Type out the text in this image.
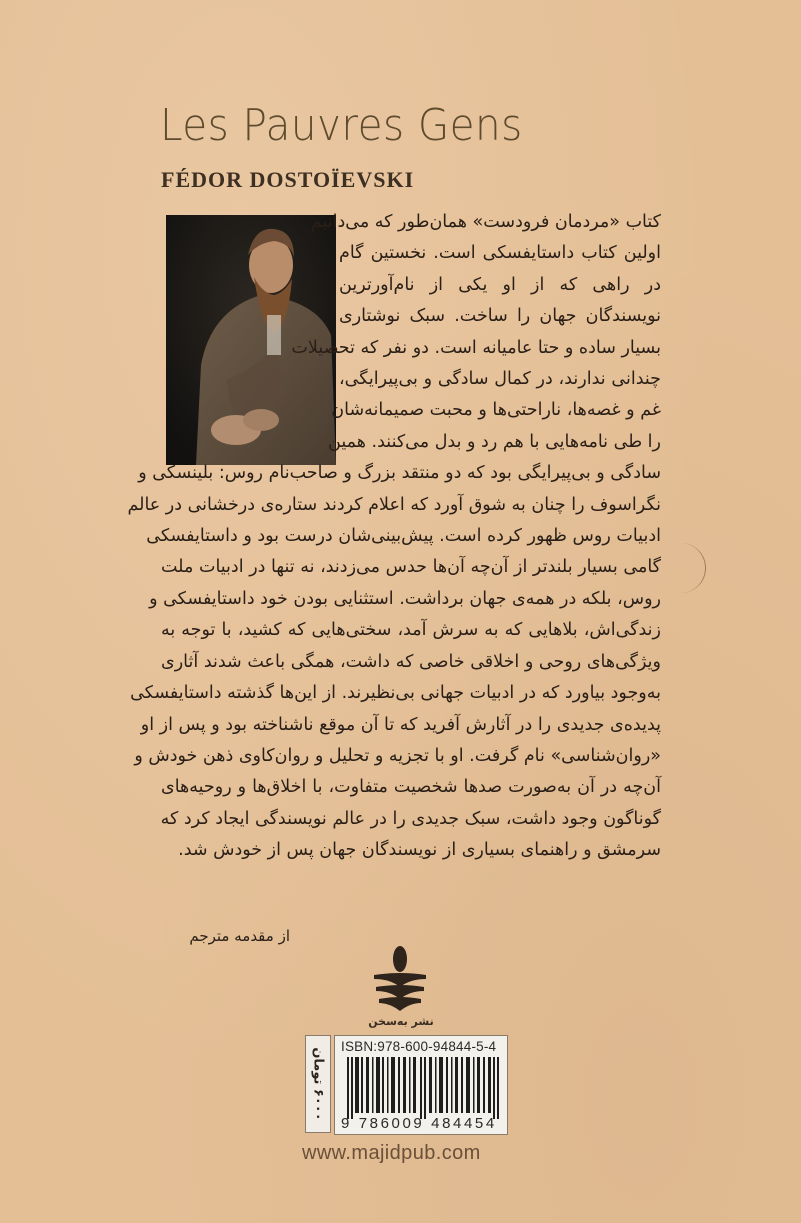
Les Pauvres Gens
FÉDOR DOSTOÏEVSKI
کتاب «مردمان فرودست» همان‌طور که می‌دانیم
اولین کتاب داستایفسکی است. نخستین گام
در راهی که از او یکی از نام‌آورترین
نویسندگان جهان را ساخت. سبک نوشتاری
بسیار ساده و حتا عامیانه است. دو نفر که تحصیلات
چندانی ندارند، در کمال سادگی و بی‌پیرایگی،
غم و غصه‌ها، ناراحتی‌ها و محبت صمیمانه‌شان
را طی نامه‌هایی با هم رد و بدل می‌کنند. همین
سادگی و بی‌پیرایگی بود که دو منتقد بزرگ و صاحب‌نام روس: بلینسکی و
نگراسوف را چنان به شوق آورد که اعلام کردند ستاره‌ی درخشانی در عالم
ادبیات روس ظهور کرده است. پیش‌بینی‌شان درست بود و داستایفسکی
گامی بسیار بلندتر از آن‌چه آن‌ها حدس می‌زدند، نه تنها در ادبیات ملت
روس، بلکه در همه‌ی جهان برداشت. استثنایی بودن خود داستایفسکی و
زندگی‌اش، بلاهایی که به سرش آمد، سختی‌هایی که کشید، با توجه به
ویژگی‌های روحی و اخلاقی خاصی که داشت، همگی باعث شدند آثاری
به‌وجود بیاورد که در ادبیات جهانی بی‌نظیرند. از این‌ها گذشته داستایفسکی
پدیده‌ی جدیدی را در آثارش آفرید که تا آن موقع ناشناخته بود و پس از او
«روان‌شناسی» نام گرفت. او با تجزیه و تحلیل و روان‌کاوی ذهن خودش و
آن‌چه در آن به‌صورت صدها شخصیت متفاوت، با اخلاق‌ها و روحیه‌های
گوناگون وجود داشت، سبک جدیدی را در عالم نویسندگی ایجاد کرد که
سرمشق و راهنمای بسیاری از نویسندگان جهان پس از خودش شد.

از مقدمه مترجم

نشر به‌سخن
۶۰۰۰ تومان
ISBN:978-600-94844-5-4
9 786009 484454
www.majidpub.com
